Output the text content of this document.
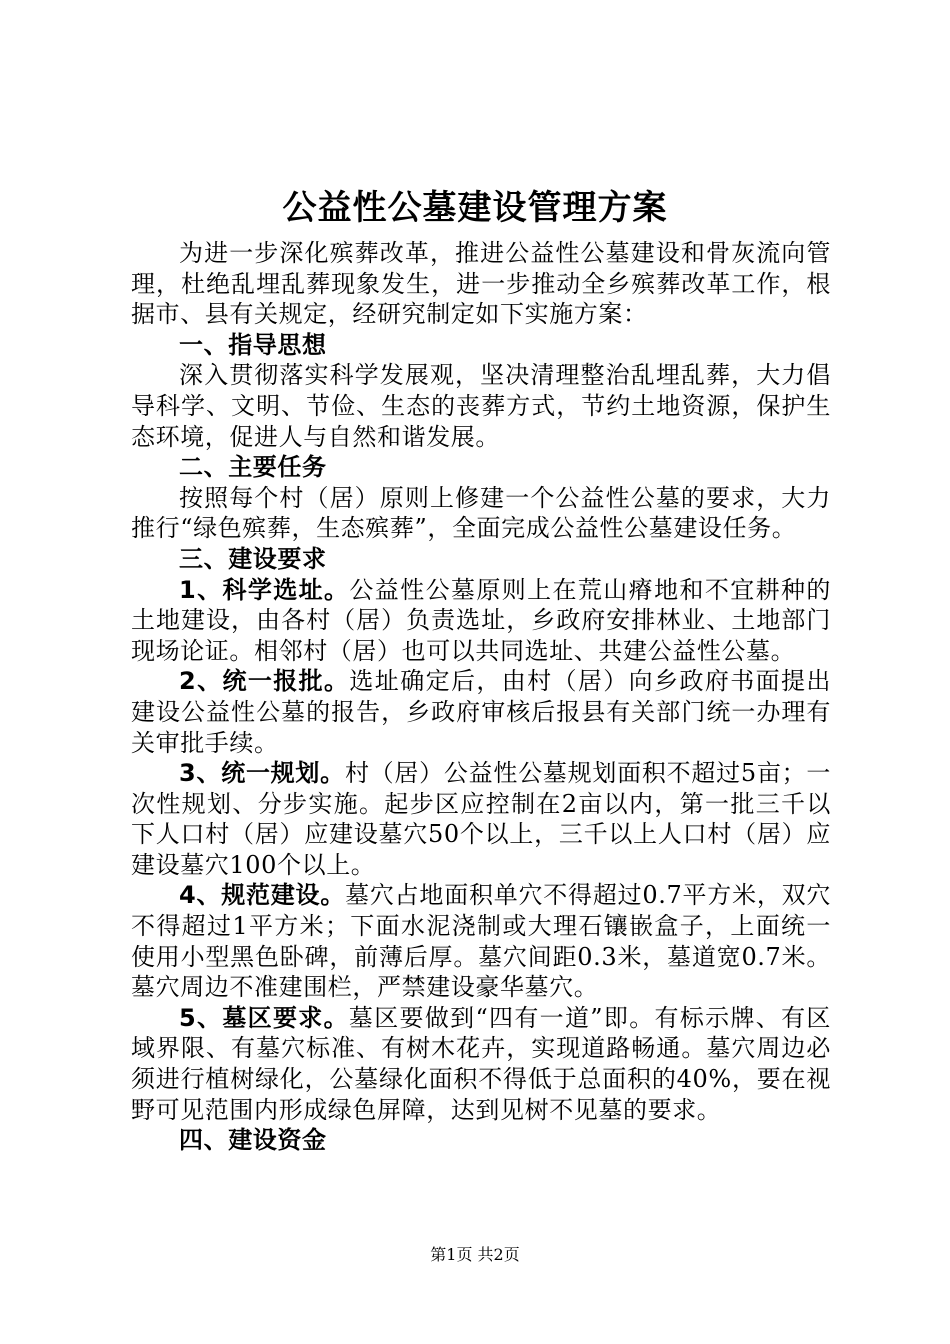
公益性公墓建设管理方案

为进一步深化殡葬改革，推进公益性公墓建设和骨灰流向管理，杜绝乱埋乱葬现象发生，进一步推动全乡殡葬改革工作，根据市、县有关规定，经研究制定如下实施方案：

一、指导思想

深入贯彻落实科学发展观，坚决清理整治乱埋乱葬，大力倡导科学、文明、节俭、生态的丧葬方式，节约土地资源，保护生态环境，促进人与自然和谐发展。

二、主要任务

按照每个村（居）原则上修建一个公益性公墓的要求，大力推行“绿色殡葬，生态殡葬”，全面完成公益性公墓建设任务。

三、建设要求

1、科学选址。公益性公墓原则上在荒山瘠地和不宜耕种的土地建设，由各村（居）负责选址，乡政府安排林业、土地部门现场论证。相邻村（居）也可以共同选址、共建公益性公墓。

2、统一报批。选址确定后，由村（居）向乡政府书面提出建设公益性公墓的报告，乡政府审核后报县有关部门统一办理有关审批手续。

3、统一规划。村（居）公益性公墓规划面积不超过5亩；一次性规划、分步实施。起步区应控制在2亩以内，第一批三千以下人口村（居）应建设墓穴50个以上，三千以上人口村（居）应建设墓穴100个以上。

4、规范建设。墓穴占地面积单穴不得超过0.7平方米，双穴不得超过1平方米；下面水泥浇制或大理石镶嵌盒子，上面统一使用小型黑色卧碑，前薄后厚。墓穴间距0.3米，墓道宽0.7米。墓穴周边不准建围栏，严禁建设豪华墓穴。

5、墓区要求。墓区要做到“四有一道”即。有标示牌、有区域界限、有墓穴标准、有树木花卉，实现道路畅通。墓穴周边必须进行植树绿化，公墓绿化面积不得低于总面积的40%，要在视野可见范围内形成绿色屏障，达到见树不见墓的要求。

四、建设资金

第1页 共2页
